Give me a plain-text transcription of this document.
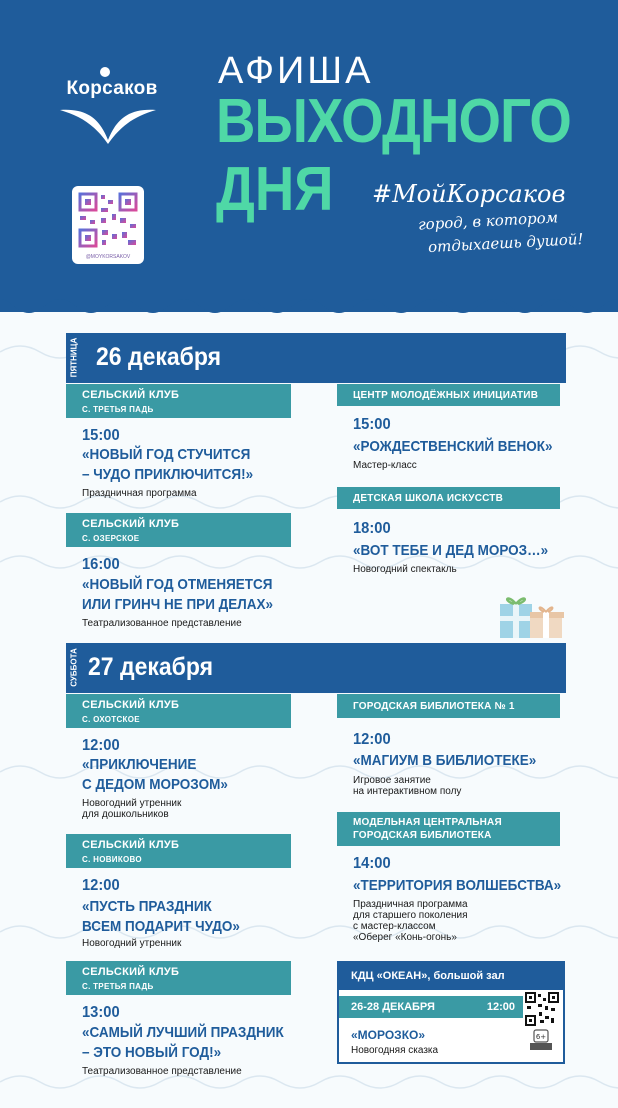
Корсаков
@MOYKORSAKOV
АФИША
ВЫХОДНОГО
ДНЯ #МойКорсаков
город, в котором
отдыхаешь душой!
ПЯТНИЦА 26 декабря
СЕЛЬСКИЙ КЛУБ
С. ТРЕТЬЯ ПАДЬ
15:00
«НОВЫЙ ГОД СТУЧИТСЯ
– ЧУДО ПРИКЛЮЧИТСЯ!»
Праздничная программа
СЕЛЬСКИЙ КЛУБ
С. ОЗЕРСКОЕ
16:00
«НОВЫЙ ГОД ОТМЕНЯЕТСЯ
ИЛИ ГРИНЧ НЕ ПРИ ДЕЛАХ»
Театрализованное представление
ЦЕНТР МОЛОДЁЖНЫХ ИНИЦИАТИВ
15:00
«РОЖДЕСТВЕНСКИЙ ВЕНОК»
Мастер-класс
ДЕТСКАЯ ШКОЛА ИСКУССТВ
18:00
«ВОТ ТЕБЕ И ДЕД МОРОЗ…»
Новогодний спектакль
СУББОТА 27 декабря
СЕЛЬСКИЙ КЛУБ
С. ОХОТСКОЕ
12:00
«ПРИКЛЮЧЕНИЕ
С ДЕДОМ МОРОЗОМ»
Новогодний утренник
для дошкольников
СЕЛЬСКИЙ КЛУБ
С. НОВИКОВО
12:00
«ПУСТЬ ПРАЗДНИК
ВСЕМ ПОДАРИТ ЧУДО»
Новогодний утренник
СЕЛЬСКИЙ КЛУБ
С. ТРЕТЬЯ ПАДЬ
13:00
«САМЫЙ ЛУЧШИЙ ПРАЗДНИК
– ЭТО НОВЫЙ ГОД!»
Театрализованное представление
ГОРОДСКАЯ БИБЛИОТЕКА № 1
12:00
«МАГИУМ В БИБЛИОТЕКЕ»
Игровое занятие
на интерактивном полу
МОДЕЛЬНАЯ ЦЕНТРАЛЬНАЯ
ГОРОДСКАЯ БИБЛИОТЕКА
14:00
«ТЕРРИТОРИЯ ВОЛШЕБСТВА»
Праздничная программа
для старшего поколения
с мастер-классом
«Оберег «Конь-огонь»
КДЦ «ОКЕАН», большой зал
26-28 ДЕКАБРЯ	12:00
«МОРОЗКО»
Новогодняя сказка
6+
